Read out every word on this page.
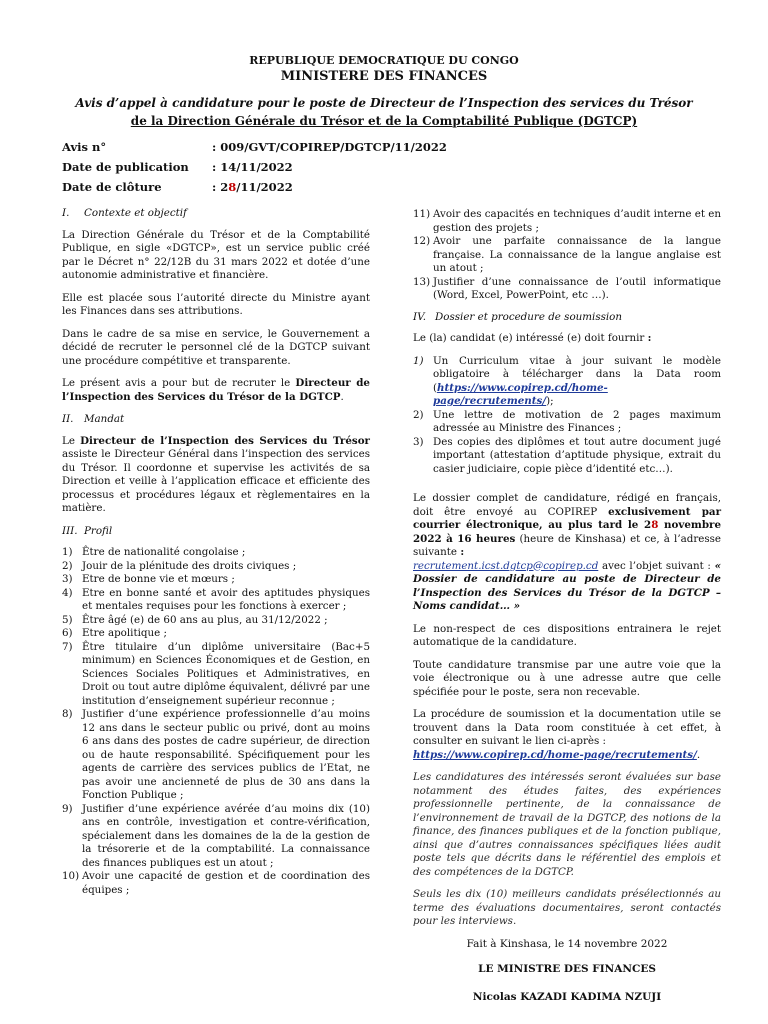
REPUBLIQUE DEMOCRATIQUE DU CONGO
MINISTERE DES FINANCES
Avis d’appel à candidature pour le poste de Directeur de l’Inspection des services du Trésor
de la Direction Générale du Trésor et de la Comptabilité Publique (DGTCP)
Avis n°	: 009/GVT/COPIREP/DGTCP/11/2022
Date de publication	: 14/11/2022
Date de clôture	: 28/11/2022
I. Contexte et objectif

La Direction Générale du Trésor et de la Comptabilité Publique, en sigle «DGTCP», est un service public créé par le Décret n° 22/12B du 31 mars 2022 et dotée d’une autonomie administrative et financière.

Elle est placée sous l’autorité directe du Ministre ayant les Finances dans ses attributions.

Dans le cadre de sa mise en service, le Gouvernement a décidé de recruter le personnel clé de la DGTCP suivant une procédure compétitive et transparente.

Le présent avis a pour but de recruter le Directeur de l’Inspection des Services du Trésor de la DGTCP.

II. Mandat

Le Directeur de l’Inspection des Services du Trésor assiste le Directeur Général dans l’inspection des services du Trésor. Il coordonne et supervise les activités de sa Direction et veille à l’application efficace et efficiente des processus et procédures légaux et règlementaires en la matière.

III. Profil
1) Être de nationalité congolaise ;
2) Jouir de la plénitude des droits civiques ;
3) Etre de bonne vie et mœurs ;
4) Etre en bonne santé et avoir des aptitudes physiques et mentales requises pour les fonctions à exercer ;
5) Être âgé (e) de 60 ans au plus, au 31/12/2022 ;
6) Etre apolitique ;
7) Être titulaire d’un diplôme universitaire (Bac+5 minimum) en Sciences Économiques et de Gestion, en Sciences Sociales Politiques et Administratives, en Droit ou tout autre diplôme équivalent, délivré par une institution d’enseignement supérieur reconnue ;
8) Justifier d’une expérience professionnelle d’au moins 12 ans dans le secteur public ou privé, dont au moins 6 ans dans des postes de cadre supérieur, de direction ou de haute responsabilité. Spécifiquement pour les agents de carrière des services publics de l’Etat, ne pas avoir une ancienneté de plus de 30 ans dans la Fonction Publique ;
9) Justifier d’une expérience avérée d’au moins dix (10) ans en contrôle, investigation et contre-vérification, spécialement dans les domaines de la de la gestion de la trésorerie et de la comptabilité. La connaissance des finances publiques est un atout ;
10) Avoir une capacité de gestion et de coordination des équipes ;
11) Avoir des capacités en techniques d’audit interne et en gestion des projets ;
12) Avoir une parfaite connaissance de la langue française. La connaissance de la langue anglaise est un atout ;
13) Justifier d’une connaissance de l’outil informatique (Word, Excel, PowerPoint, etc …).
IV. Dossier et procedure de soumission

Le (la) candidat (e) intéressé (e) doit fournir :

1) Un Curriculum vitae à jour suivant le modèle obligatoire à télécharger dans la Data room (https://www.copirep.cd/home-page/recrutements/);
2) Une lettre de motivation de 2 pages maximum adressée au Ministre des Finances ;
3) Des copies des diplômes et tout autre document jugé important (attestation d’aptitude physique, extrait du casier judiciaire, copie pièce d’identité etc…).

Le dossier complet de candidature, rédigé en français, doit être envoyé au COPIREP exclusivement par courrier électronique, au plus tard le 28 novembre 2022 à 16 heures (heure de Kinshasa) et ce, à l’adresse suivante :
recrutement.icst.dgtcp@copirep.cd avec l’objet suivant : « Dossier de candidature au poste de Directeur de l’Inspection des Services du Trésor de la DGTCP – Noms candidat… »

Le non-respect de ces dispositions entrainera le rejet automatique de la candidature.

Toute candidature transmise par une autre voie que la voie électronique ou à une adresse autre que celle spécifiée pour le poste, sera non recevable.

La procédure de soumission et la documentation utile se trouvent dans la Data room constituée à cet effet, à consulter en suivant le lien ci-après :
https://www.copirep.cd/home-page/recrutements/.

Les candidatures des intéressés seront évaluées sur base notamment des études faites, des expériences professionnelle pertinente, de la connaissance de l’environnement de travail de la DGTCP, des notions de la finance, des finances publiques et de la fonction publique, ainsi que d’autres connaissances spécifiques liées audit poste tels que décrits dans le référentiel des emplois et des compétences de la DGTCP.

Seuls les dix (10) meilleurs candidats présélectionnés au terme des évaluations documentaires, seront contactés pour les interviews.

Fait à Kinshasa, le 14 novembre 2022
LE MINISTRE DES FINANCES
Nicolas KAZADI KADIMA NZUJI
